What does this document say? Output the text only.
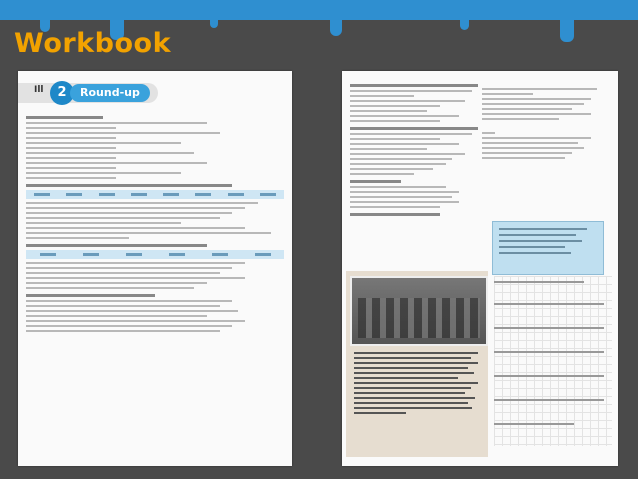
Workbook
Ill	2	Round-up
